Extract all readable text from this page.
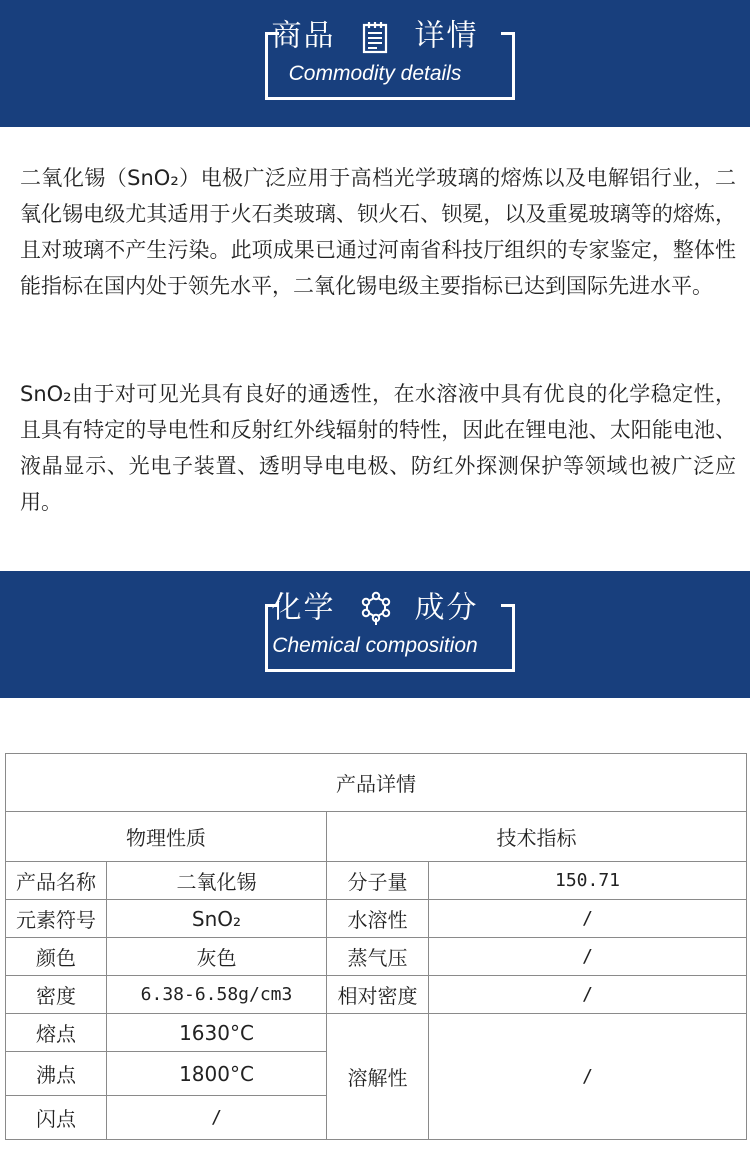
商品	详情
Commodity details

二氧化锡（SnO₂）电极广泛应用于高档光学玻璃的熔炼以及电解铝行业，二氧化锡电级尤其适用于火石类玻璃、钡火石、钡冕，以及重冕玻璃等的熔炼，且对玻璃不产生污染。此项成果已通过河南省科技厅组织的专家鉴定，整体性能指标在国内处于领先水平，二氧化锡电级主要指标已达到国际先进水平。

SnO₂由于对可见光具有良好的通透性，在水溶液中具有优良的化学稳定性，且具有特定的导电性和反射红外线辐射的特性，因此在锂电池、太阳能电池、液晶显示、光电子装置、透明导电电极、防红外探测保护等领域也被广泛应用。

化学	成分
Chemical composition
产品详情			
物理性质		技术指标	
产品名称	二氧化锡	分子量	150.71
元素符号	SnO₂	水溶性	/
颜色	灰色	蒸气压	/
密度	6.38-6.58g/cm3	相对密度	/
熔点	1630°C	溶解性	/
沸点	1800°C		
闪点	/		
